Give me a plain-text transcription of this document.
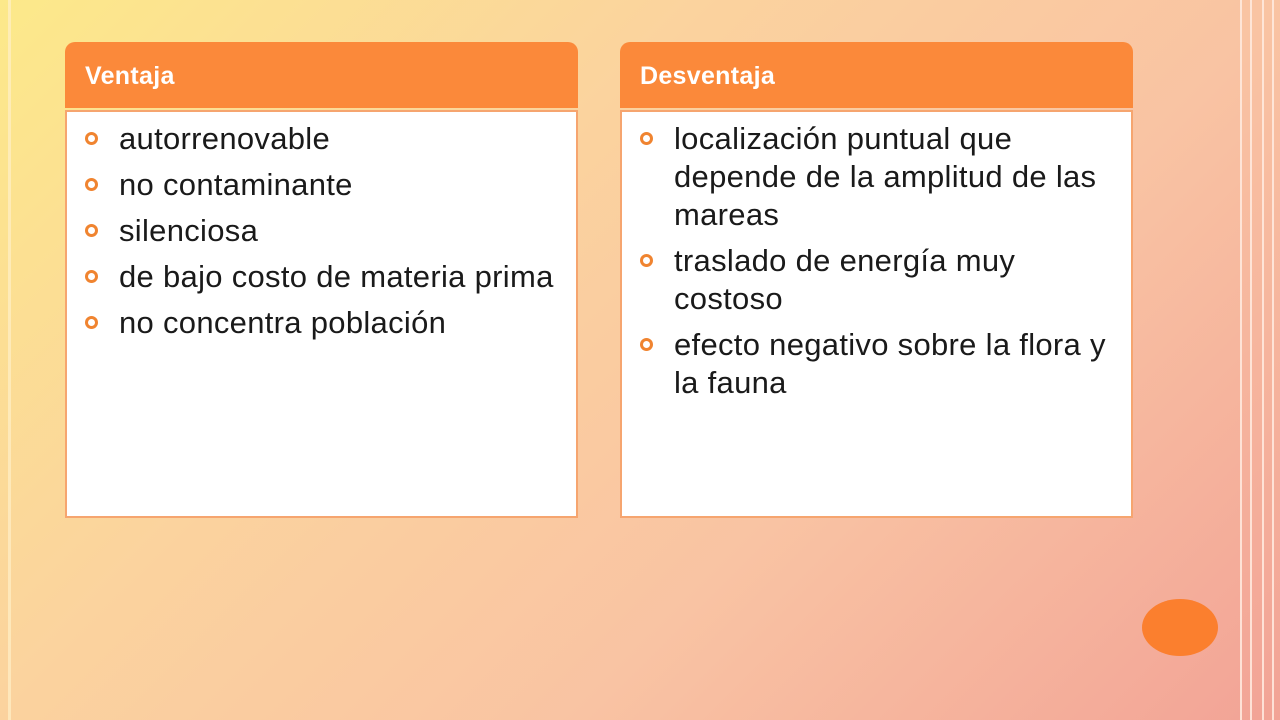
Ventaja
autorrenovable
no contaminante
silenciosa
de bajo costo de materia prima
no concentra población
Desventaja
localización puntual que depende de la amplitud de las mareas
traslado de energía muy costoso
efecto negativo sobre la flora y la fauna
